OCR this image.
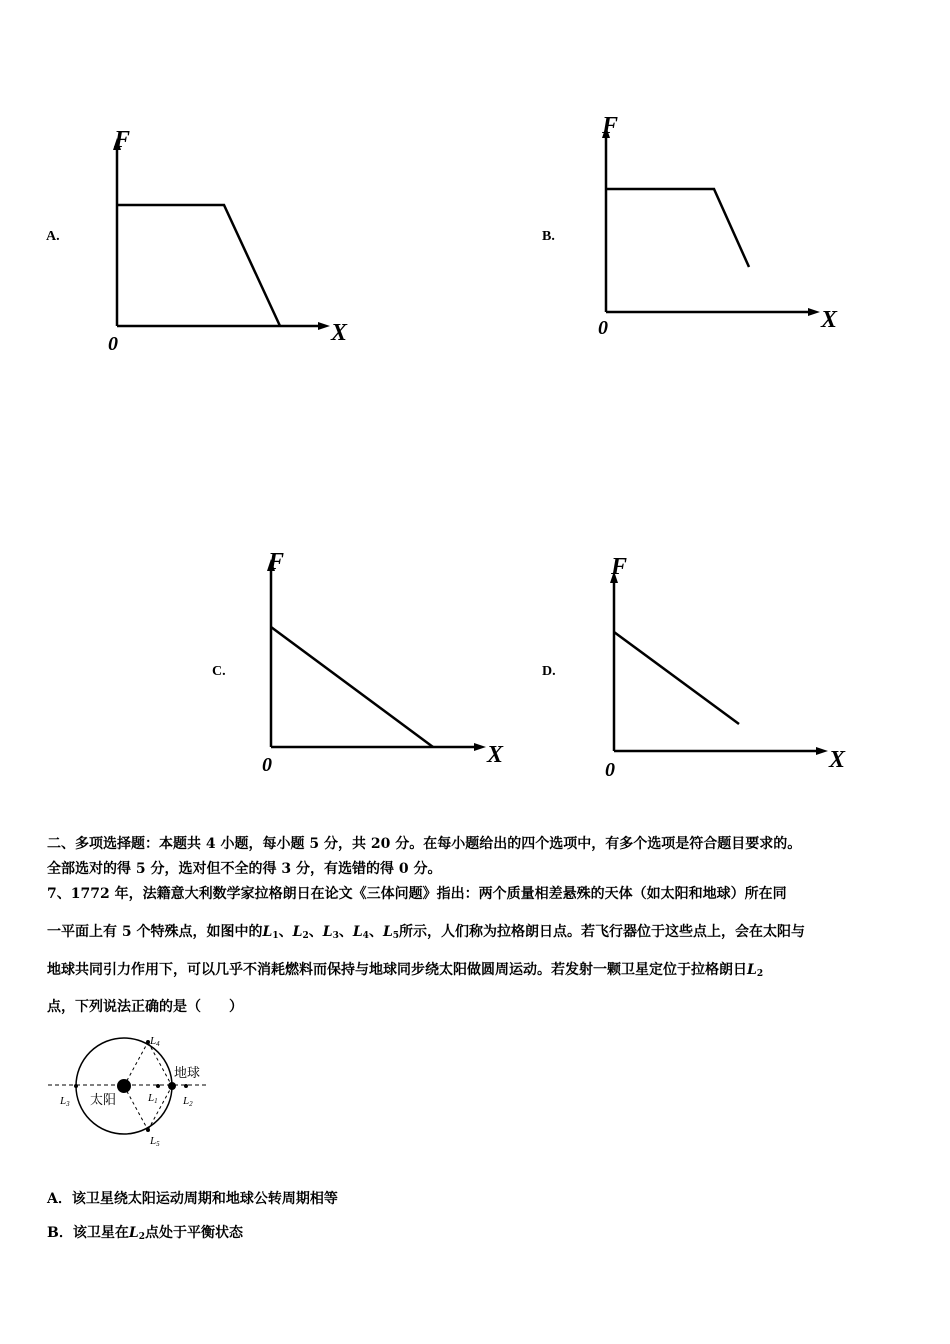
A.	B.
C.	D.
F
X
0
F
X
0
F
X
0
F
X
0
二、多项选择题：本题共 4 小题，每小题 5 分，共 20 分。在每小题给出的四个选项中，有多个选项是符合题目要求的。
全部选对的得 5 分，选对但不全的得 3 分，有选错的得 0 分。
7、1772 年，法籍意大利数学家拉格朗日在论文《三体问题》指出：两个质量相差悬殊的天体（如太阳和地球）所在同
一平面上有 5 个特殊点，如图中的$L_1$、$L_2$、$L_3$、$L_4$、$L_5$所示，人们称为拉格朗日点。若飞行器位于这些点上，会在太阳与
地球共同引力作用下，可以几乎不消耗燃料而保持与地球同步绕太阳做圆周运动。若发射一颗卫星定位于拉格朗日$L_2$
点，下列说法正确的是（　　）
太阳
地球
L3	L1 L2
L4
L5
A．该卫星绕太阳运动周期和地球公转周期相等
B．该卫星在$L_2$点处于平衡状态
